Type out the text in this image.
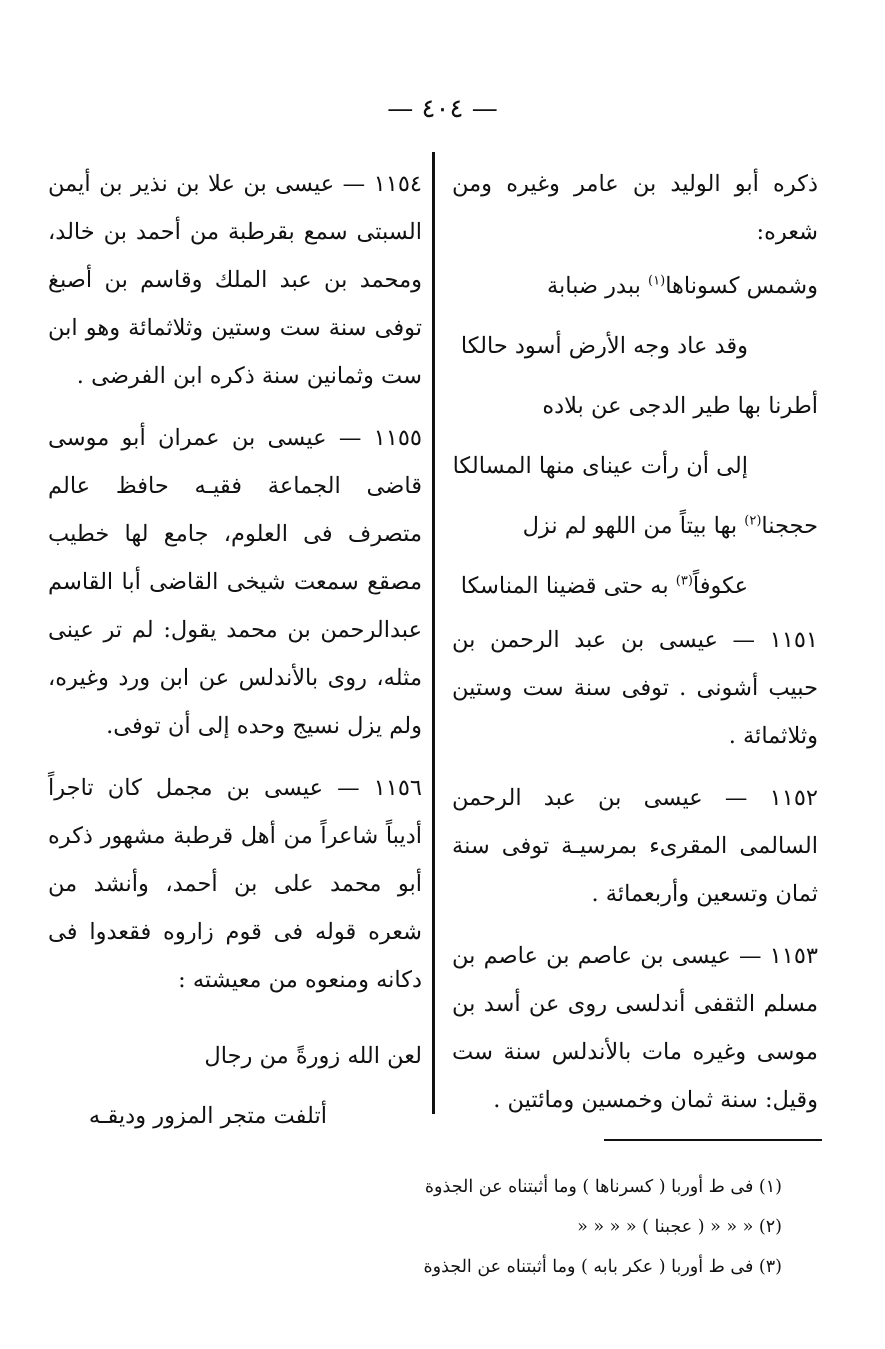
— ٤٠٤ —

ذكره أبو الوليد بن عامر وغيره ومن شعره:

وشمس كسوناها$^{(١)}$ ببدر ضبابة
وقد عاد وجه الأرض أسود حالكا
أطرنا بها طير الدجى عن بلاده
إلى أن رأت عيناى منها المسالكا
حججنا$^{(٢)}$ بها بيتاً من اللهو لم نزل
عكوفاً$^{(٣)}$ به حتى قضينا المناسكا

١١٥١ — عيسى بن عبد الرحمن بن حبيب أشونى . توفى سنة ست وستين وثلاثمائة .

١١٥٢ — عيسى بن عبد الرحمن السالمى المقرىء بمرسيـة توفى سنة ثمان وتسعين وأربعمائة .

١١٥٣ — عيسى بن عاصم بن عاصم بن مسلم الثقفى أندلسى روى عن أسد بن موسى وغيره مات بالأندلس سنة ست وقيل: سنة ثمان وخمسين ومائتين .

١١٥٤ — عيسى بن علا بن نذير بن أيمن السبتى سمع بقرطبة من أحمد بن خالد، ومحمد بن عبد الملك وقاسم بن أصبغ توفى سنة ست وستين وثلاثمائة وهو ابن ست وثمانين سنة ذكره ابن الفرضى .

١١٥٥ — عيسى بن عمران أبو موسى قاضى الجماعة فقيـه حافظ عالم متصرف فى العلوم، جامع لها خطيب مصقع سمعت شيخى القاضى أبا القاسم عبدالرحمن بن محمد يقول: لم تر عينى مثله، روى بالأندلس عن ابن ورد وغيره، ولم يزل نسيج وحده إلى أن توفى.

١١٥٦ — عيسى بن مجمل كان تاجراً أديباً شاعراً من أهل قرطبة مشهور ذكره أبو محمد على بن أحمد، وأنشد من شعره قوله فى قوم زاروه فقعدوا فى دكانه ومنعوه من معيشته :

لعن الله زورةً من رجال
أتلفت متجر المزور وديقـه
(١) فى ط أوربا ( كسرناها ) وما أثبتناه عن الجذوة
(٢) « « « ( عجبنا ) « « « «
(٣) فى ط أوربا ( عكر بابه ) وما أثبتناه عن الجذوة
